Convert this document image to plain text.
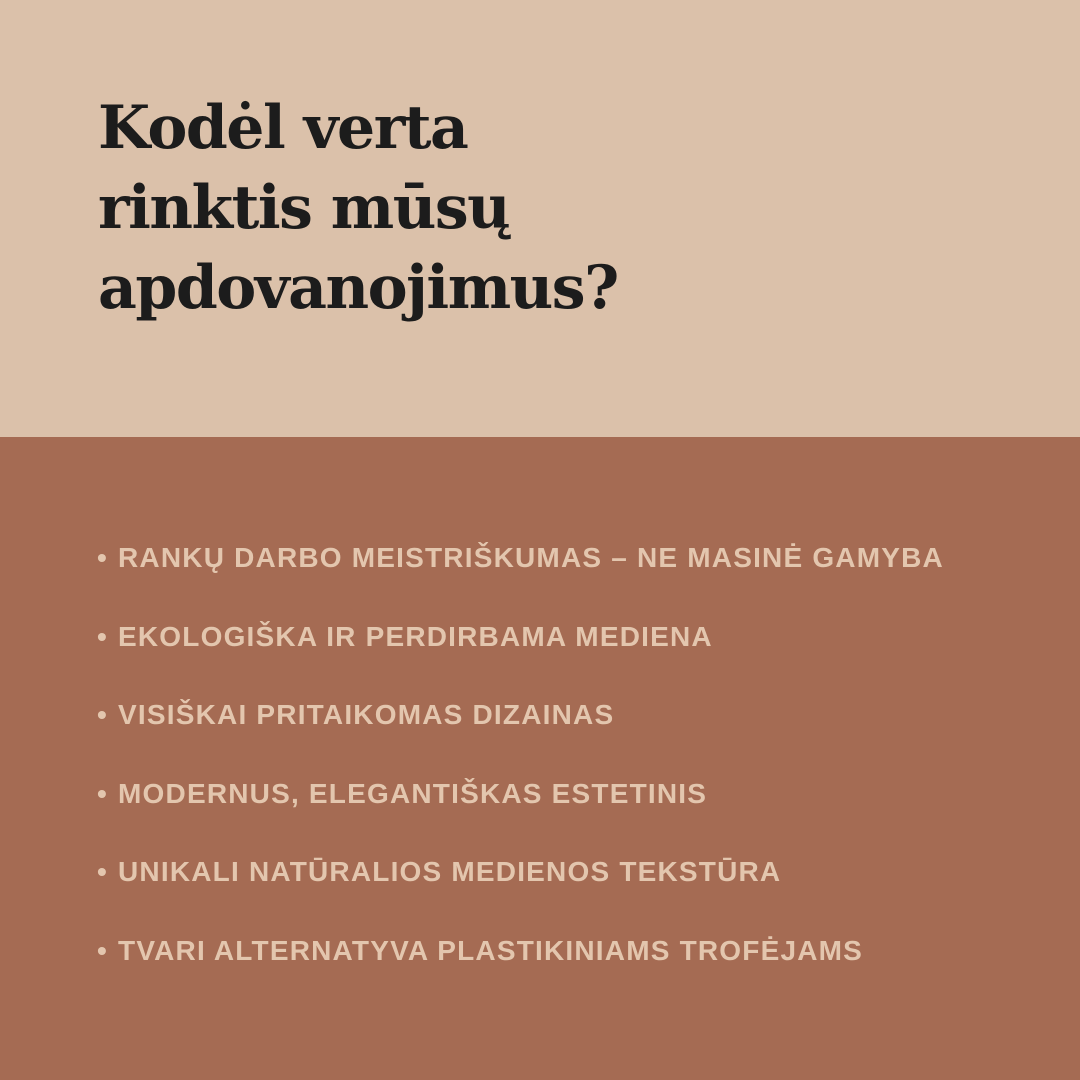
Kodėl verta
rinktis mūsų
apdovanojimus?
• RANKŲ DARBO MEISTRIŠKUMAS – NE MASINĖ GAMYBA
• EKOLOGIŠKA IR PERDIRBAMA MEDIENA
• VISIŠKAI PRITAIKOMAS DIZAINAS
• MODERNUS, ELEGANTIŠKAS ESTETINIS
• UNIKALI NATŪRALIOS MEDIENOS TEKSTŪRA
• TVARI ALTERNATYVA PLASTIKINIAMS TROFĖJAMS
